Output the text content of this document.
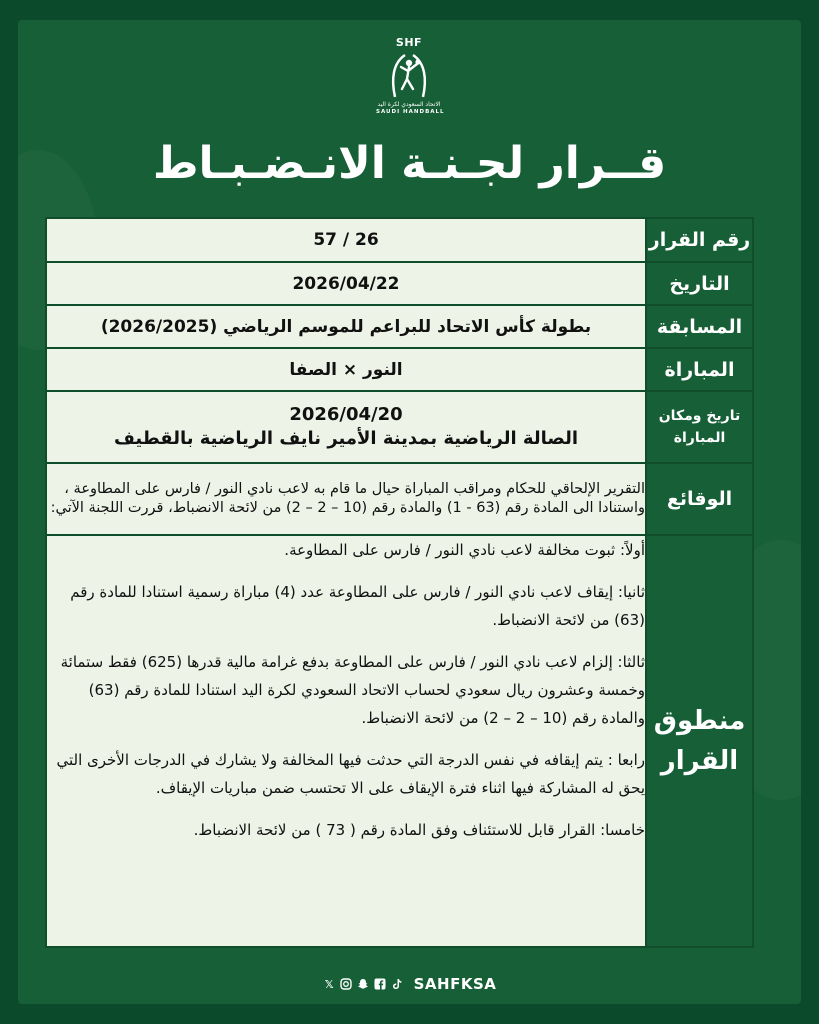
SHF
الاتحاد السعودي لكرة اليد
SAUDI HANDBALL
قــرار لجـنـة الانـضـبـاط
رقم القرار	57 / 26
التاريخ	2026/04/22
المسابقة	بطولة كأس الاتحاد للبراعم للموسم الرياضي (2026/2025)
المباراة	النور × الصفا
تاريخ ومكان المباراة	2026/04/20
الصالة الرياضية بمدينة الأمير نايف الرياضية بالقطيف

الوقائع	التقرير الإلحاقي للحكام ومراقب المباراة حيال ما قام به لاعب نادي النور / فارس على المطاوعة ، واستنادا الى المادة رقم (63 - 1) والمادة رقم (10 – 2 – 2) من لائحة الانضباط، قررت اللجنة الآتي:
منطوق القرار	أولاً: ثبوت مخالفة لاعب نادي النور / فارس على المطاوعة.

ثانيا: إيقاف لاعب نادي النور / فارس على المطاوعة عدد (4) مباراة رسمية استنادا للمادة رقم (63) من لائحة الانضباط.

ثالثا: إلزام لاعب نادي النور / فارس على المطاوعة بدفع غرامة مالية قدرها (625) فقط ستمائة وخمسة وعشرون ريال سعودي لحساب الاتحاد السعودي لكرة اليد استنادا للمادة رقم (63) والمادة رقم (10 – 2 – 2) من لائحة الانضباط.

رابعا : يتم إيقافه في نفس الدرجة التي حدثت فيها المخالفة ولا يشارك في الدرجات الأخرى التي يحق له المشاركة فيها اثناء فترة الإيقاف على الا تحتسب ضمن مباريات الإيقاف.

خامسا: القرار قابل للاستئناف وفق المادة رقم ( 73 ) من لائحة الانضباط.

𝕏	SAHFKSA
